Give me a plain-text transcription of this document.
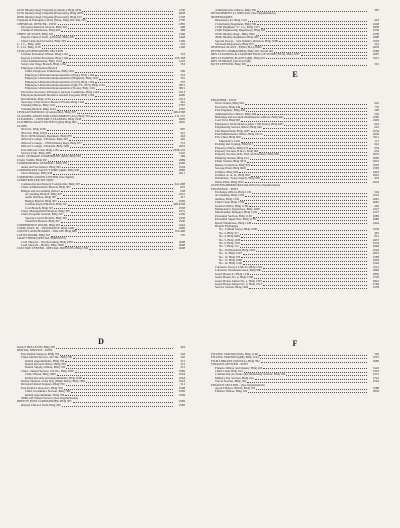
167th Infantry Regt Chaplain (Catholic), Bldg 1859	2130
167th Infantry Regt Chaplain (Protestant), Bldg 1859	4858
209th Infantry Regt Chaplain (Protestant), Bldg 913	2158
Chaplain & Emergency Duty (Nite), Bldg 200, Rm 210	2750
CHEMICAL OFFICER - POST	2385
Division Chemical Section, Bldg 305	408
Chemical Warehouse, Bldg 903	498
CHIEF OF STAFF, Bldg 305	2166
Deputy Chief of Staff - Division, Bldg 305	2448
Chief Clerk and Secretary, Bldg 305	2166
C. I. C., Bldg 1206	455
C. I. D., Bldg 1118	2146
CIVILIAN PERSONNEL SECTION
Civilian Personnel Officer, Bldg 1164	353
Deputy Civilian Personnel, Bldg 1164	353-458
Chief Administration, Bldg 1164	2101
Salary and Wage Branch, Bldg 1164	353
Employee Utilization Branch
Chief, Employee Utilization, Bldg 1164	506
Employee Utilization Representative (Engr), Bldg 1164	353
Employee Utilization Representative (Hospital), Bldg 1164	355
Employee Utilization Representative (Civil), Bldg 1164	355
Employee Utilization Representative (QM, TC, ECS) Bldg 1164	3815
Employee Utilization Representative (Troop), Bldg 1164	3815
Executive Secretary, Efficiency Awards Committee, Bldg 1164	2513
Employee Relations Incentive Awards Program, Bldg 1164	2606
Recruitment, Bldg 1164	2513
Secretary-Civil Service Board of Exam, Bldg 1164	322
Training Officer, Bldg 1164	2787
Training Branch, Bldg 1164	2787
CIVILIAN PAYROLL (Comptroller), Bldg 307	408-2598
CLASSIFICATION AND ASSIGNMENT (AG), Bldg 332	211-757
CLEANERS - CENTURY CLEANERS, Bldg 1938	2095
CLOTHING SALES OUTLET (QM), Bldg 963	2095
CLUBS
NCO #1, Bldg 2530	687
NCO #2, Bldg 10160	561
NCO 167th Infantry Regiment, Bldg 870	463
Officers' Lounge - Division, Bldg 307	405
Officers' Lounge - 155th Infantry Regt, Bldg 877	712
Officers' Lounge - Hospital, Bldg 1096	2652
Post Officers' Club, Bldg 1181	2638-355
Service Club, Bldg 2001	2145
COAL STORAGE WAREHOUSE (QM), Bldg 959	306
COAL YARD, Bldg 963	2889
COMMANDING GENERAL, Bldg 305	2566
Aides and Secretaries, Bldg 305	2504
COMMISSARY SALES STORE (QM), Bldg 938	2896
Store Manager, Bldg 938	2611
COMMUNICATIONS CENTER (See Signal)
COMPTROLLER SECTION
Comptroller and Deputy Comptroller, Bldg 307	621-808
Chief, Administrative Branch, Bldg 307	601
Budget and Accounting Officer	638
Accounting Branch, Bldg 307	2541
Audit Division, Bldg 307	417
Budget Branch, Bldg 307	2569
Civilian Payroll Branch, Bldg 307	408-2558
Cost Branch, Bldg 307	2558
Chief, Management Division, Bldg 307	2531
Chief, Program Section, Bldg 307	2530
Special Control Branch, Bldg 307	2530
Statistical Branch, Bldg 307	2530
CONFERENCE ROOM, Bldg 305	2442
COOK, PAUL M. - INSURANCE, Bldg 1406	2606
COUNTS AND BOARDS - 50th AIT, Bldg 889	553-406
COURT ROOM, Bldg 305	705
CRAFT SHOP (SPECIAL SERVICES)
Craft Shop #1 - Woodworking, Bldg 1807	2608
Craft Shop #2 - Hobby, Bldg 1838	2608
CULTURE CENTER - SPECIAL SERVICES, Bldg 1339	2608
D
DAILY BULLETIN, Bldg 305	403
DENTAL SERVICE - POST
Post Dental Surgeon, Bldg 700	520
Chief, Dental Service, 167 Inf., Bldg 700	520
Dental Appointments, Bldg 700	521
Dental Records Office, Bldg 700	521
Dental Supply Officer, Bldg 700	521
Chief - Dental Service 155 Inf., Bldg 1000	2589
Clinic Phone, Bldg 1000	2544
Dental Records and Appointments, Bldg 1000	2544
Dental Surgeon of the Day (Night Duty), Bldg 1000	2543
Division Dental Surgeon, Bldg 700	511
Post Dental Laboratory, Bldg 700	2548
Chief, Prosthetics Section, Bldg 700	2569
Dental Appointments, Bldg 700	2569
509th AIT Dental Service (See Organizations)
DEPUTY POST COMMANDER, Bldg 305	2566
Deputy Chief of Staff, Bldg 305	2566
Administrative Officer, Bldg 305	387
DETACHMENT #1, 8000 ASU (See Organizations)
DISPENSARIES
Dispensary #1, Bldg 1110	403
154 Infantry Regiment, Bldg 700	2248
155th Regiment "C" Co., Bldg 1317	2858
156th Engineering Dispensary, Bldg 509	2536
167th Infantry Regt., Bldg 1850	2538
209th Infantry Regiment, Bldg 509	2908
Special Troops - 31st Infantry Division, Bldg 1008	2593
Stockade Dispensary, Bldg 675	516
DISPOSAL PLANT - EPSO, B-Lg 6002	2659
DIVISION COMMANDER, Bldg 305, Room 201	2566
DRY CLEANING & LAUNDRY PICK-UP STORE (NCO), Bldg 1037	2667
DRY CLEANING PLANT (QM), Bldg 927	3515
DRY STORAGE (See Post QM)
DUTY OFFICER, Bldg 305	301
E
ENGINEER - POST
Work Orders, Bldg 943	622
Executive, Bldg 449	735
Post Engineer, Bldg 449	290
Administrative Officer, Bldg 449	530
Buildings and Grounds Maintenance Officer, Bldg 946	2585
Coal Yard, Bldg 963	2405
Emergency Work Orders (After 1700 hours), Bldg 946	622
Engineering Service Office, Bldg 946	622
Fire Department, Bldg 1007	2534
Field Maintenance Office, Bldg 10115	2636
Fire Chief, Bldg 950	3311
Emergency Calls	117
Packing and Crating, Bldg 917	622
Property Officer, Bldg 974	634
Property Section, B & U, Bldg 964	634
Property Section, R/R, Fuel and Installed, Bldg 960	2655
Pumping Station, Bldg 914	2666
Pump Station, Bldg 5010	2616
Refuse Collection, Bldg 916	2595
Sewage Plant, Bldg 6002	2590
Utilities, Bldg 949	2424
Utilities, A. A. D., Bldg 950	2691
Warehouse, Troop Supply, Bldg 960	476
Water Plant, Bldg 5010	2616
10478 ENGINEERS BATTALION (See Organizations)
EXCHANGE - POST
Exchange Officer, Bldg 1139	549
Accounting, Bldg 1139	2523
Auditor, Bldg 1139	2681
Chief Clerk, Bldg 1139	2681
General Office, Bldg 1139	240
Maintenance Supervisor, Bldg 1408	2527
Merchandise Manager, Bldg 1139	2527
Personnel Section, Bldg 1139	2680
Personnel Supervisor, Bldg 1139	2680
Retail Warehouse, Bldg 1140	2424
Branch Exchanges
No. 1 (Main Store), Bldg 1006	2539
No. 2, Bldg 311	481
No. 4, Bldg 6002	812
No. 5, Bldg 1038	2637
No. 6, Bldg 1700	2554
No. 7, Bldg 712	2606
No. 10 (Hospital), Bldg 1004	2526
No. 11, Bldg 1103	2601
No. 12, Bldg 558	2589
No. 13, Bldg 1080	2629
No. 14, Bldg 1500	2540
Cafeteria, Service Club #1, Bldg 1501	2521
Cafeteria, Warehouse Area, Bldg 980	2860
Guest House #1, Bldg 1136	2830
Guest House No. 2, Bldg 1308	2703
Guest House Annex No. 1, Bldg 1307	2822
Guest House Annex No. 2, Bldg 1313	2769
Service Station, Bldg 1004	2539
F
FILLING STATION (PX), Bldg 1146	526
FILLING STATION (QM), Bldg 1104	2567
FILM LIBRARY (SIGNAL), Bldg 582	2680
FINANCE OFFICER - POST
Finance Officer and Deputy, Bldg 104	3143
Chief Clerk, Bldg 104	3143
Commercial Accounts and Disbursing Section, Bldg 104	2531
Military Pay Section, Bldg 104	2722
Travel Section, Bldg 104	2526
FINANCE SECTION - (See Organizations)
Apost Finance Officer, Bldg 109	2588
Finance Officer, Bldg 109	2856
